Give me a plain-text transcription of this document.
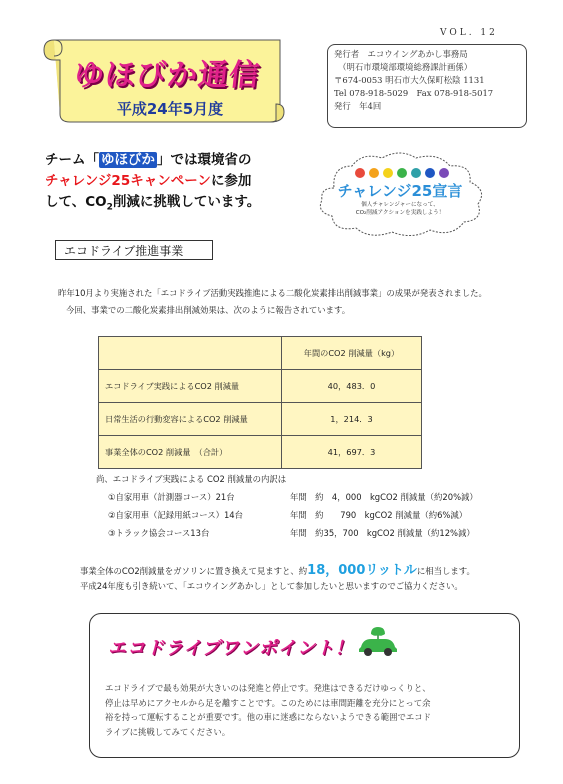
VOL. 12
ゆほびか通信
平成24年5月度
発行者　エコウイングあかし事務局
　（明石市環境部環境総務課計画係）
〒674-0053 明石市大久保町松陰 1131
Tel 078-918-5029　Fax 078-918-5017
発行　年4回
チーム「 ゆほびか 」では環境省の
チャレンジ25キャンペーンに参加
して、$CO_2$削減に挑戦しています。
チャレンジ25宣言
個人チャレンジャーになって、
CO₂削減アクションを実践しよう！
エコドライブ推進事業
昨年10月より実施された「エコドライブ活動実践推進による二酸化炭素排出削減事業」の成果が発表されました。
今回、事業での二酸化炭素排出削減効果は、次のように報告されています。
	年間のCO2 削減量（kg）
エコドライブ実践によるCO2 削減量	40，483．0
日常生活の行動変容によるCO2 削減量	1，214．3
事業全体のCO2 削減量　（合計）	41，697．3
尚、エコドライブ実践による CO2 削減量の内訳は
①自家用車（計測器コース）21台	年間　約　4，000　kgCO2 削減量（約20%減）
②自家用車（記録用紙コース）14台	年間　約　　790　kgCO2 削減量（約6%減）
③トラック協会コース13台	年間　約35，700　kgCO2 削減量（約12%減）
事業全体のCO2削減量をガソリンに置き換えて見ますと、約18，000リットルに相当します。
平成24年度も引き続いて、「エコウイングあかし」として参加したいと思いますのでご協力ください。
エコドライブワンポイント！
エコドライブで最も効果が大きいのは発進と停止です。発進はできるだけゆっくりと、
停止は早めにアクセルから足を離すことです。このためには車間距離を充分にとって余
裕を持って運転することが重要です。他の車に迷惑にならないようできる範囲でエコド
ライブに挑戦してみてください。
